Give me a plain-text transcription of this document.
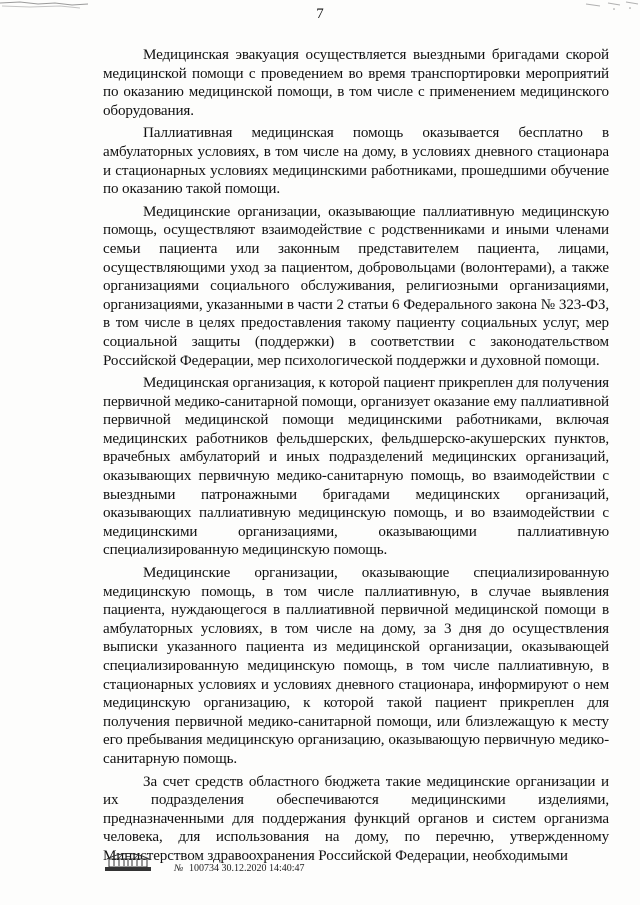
7

Медицинская эвакуация осуществляется выездными бригадами скорой медицинской помощи с проведением во время транспортировки мероприятий по оказанию медицинской помощи, в том числе с применением медицинского оборудования.

Паллиативная медицинская помощь оказывается бесплатно в амбулаторных условиях, в том числе на дому, в условиях дневного стационара и стационарных условиях медицинскими работниками, прошедшими обучение по оказанию такой помощи.

Медицинские организации, оказывающие паллиативную медицинскую помощь, осуществляют взаимодействие с родственниками и иными членами семьи пациента или законным представителем пациента, лицами, осуществляющими уход за пациентом, добровольцами (волонтерами), а также организациями социального обслуживания, религиозными организациями, организациями, указанными в части 2 статьи 6 Федерального закона № 323-ФЗ, в том числе в целях предоставления такому пациенту социальных услуг, мер социальной защиты (поддержки) в соответствии с законодательством Российской Федерации, мер психологической поддержки и духовной помощи.

Медицинская организация, к которой пациент прикреплен для получения первичной медико-санитарной помощи, организует оказание ему паллиативной первичной медицинской помощи медицинскими работниками, включая медицинских работников фельдшерских, фельдшерско-акушерских пунктов, врачебных амбулаторий и иных подразделений медицинских организаций, оказывающих первичную медико-санитарную помощь, во взаимодействии с выездными патронажными бригадами медицинских организаций, оказывающих паллиативную медицинскую помощь, и во взаимодействии с медицинскими организациями, оказывающими паллиативную специализированную медицинскую помощь.

Медицинские организации, оказывающие специализированную медицинскую помощь, в том числе паллиативную, в случае выявления пациента, нуждающегося в паллиативной первичной медицинской помощи в амбулаторных условиях, в том числе на дому, за 3 дня до осуществления выписки указанного пациента из медицинской организации, оказывающей специализированную медицинскую помощь, в том числе паллиативную, в стационарных условиях и условиях дневного стационара, информируют о нем медицинскую организацию, к которой такой пациент прикреплен для получения первичной медико-санитарной помощи, или близлежащую к месту его пребывания медицинскую организацию, оказывающую первичную медико-санитарную помощь.

За счет средств областного бюджета такие медицинские организации и их подразделения обеспечиваются медицинскими изделиями, предназначенными для поддержания функций органов и систем организма человека, для использования на дому, по перечню, утвержденному Министерством здравоохранения Российской Федерации, необходимыми

№ 100734 30.12.2020 14:40:47
